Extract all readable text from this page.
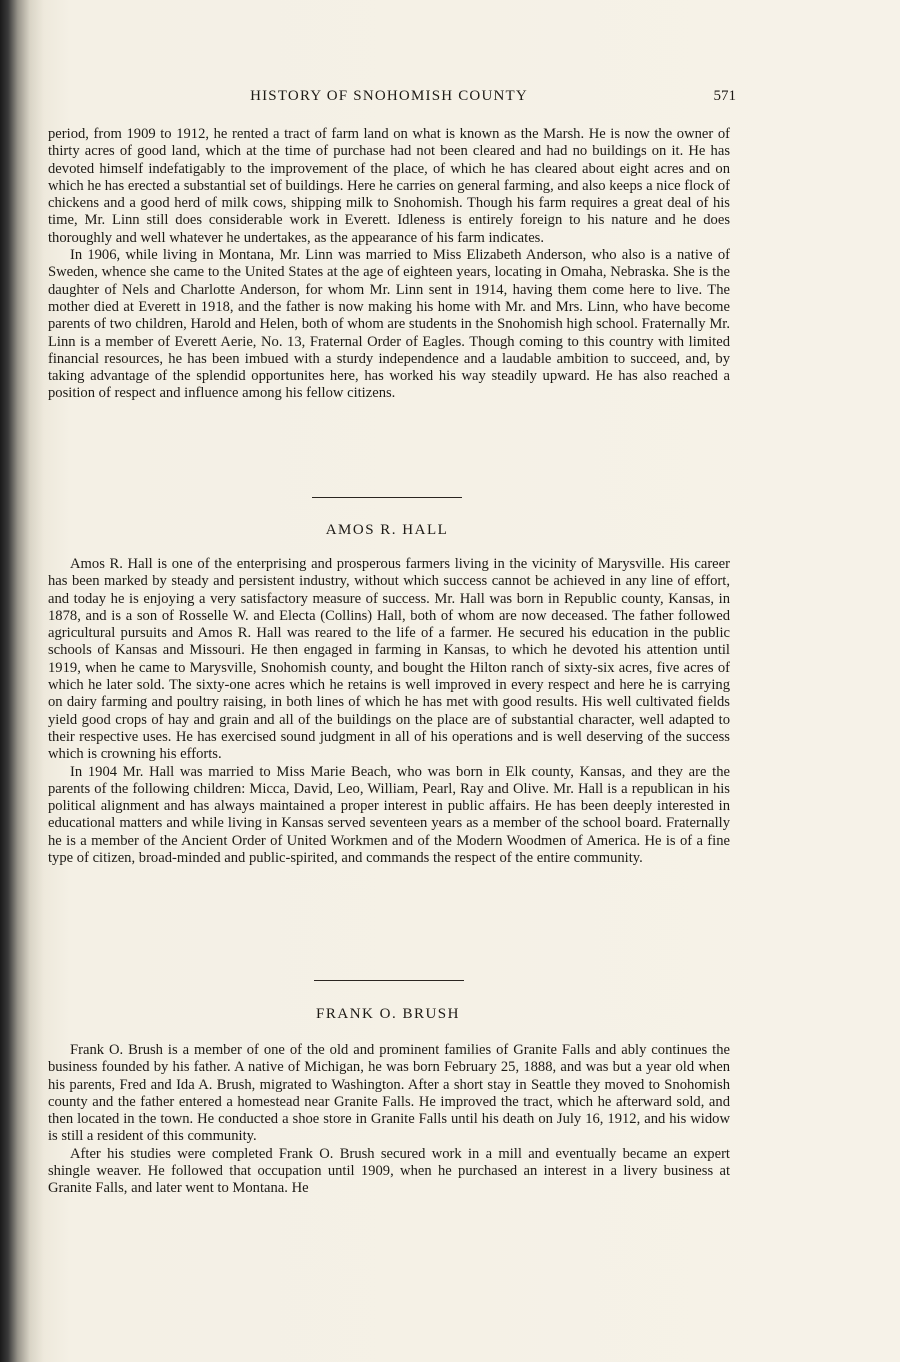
HISTORY OF SNOHOMISH COUNTY	571

period, from 1909 to 1912, he rented a tract of farm land on what is known as the Marsh. He is now the owner of thirty acres of good land, which at the time of purchase had not been cleared and had no buildings on it. He has devoted himself indefatigably to the improvement of the place, of which he has cleared about eight acres and on which he has erected a substantial set of buildings. Here he carries on general farming, and also keeps a nice flock of chickens and a good herd of milk cows, shipping milk to Snohomish. Though his farm requires a great deal of his time, Mr. Linn still does considerable work in Everett. Idleness is entirely foreign to his nature and he does thoroughly and well whatever he undertakes, as the appearance of his farm indicates.

In 1906, while living in Montana, Mr. Linn was married to Miss Elizabeth Anderson, who also is a native of Sweden, whence she came to the United States at the age of eighteen years, locating in Omaha, Nebraska. She is the daughter of Nels and Charlotte Anderson, for whom Mr. Linn sent in 1914, having them come here to live. The mother died at Everett in 1918, and the father is now making his home with Mr. and Mrs. Linn, who have become parents of two children, Harold and Helen, both of whom are students in the Snohomish high school. Fraternally Mr. Linn is a member of Everett Aerie, No. 13, Fraternal Order of Eagles. Though coming to this country with limited financial resources, he has been imbued with a sturdy independence and a laudable ambition to succeed, and, by taking advantage of the splendid opportunites here, has worked his way steadily upward. He has also reached a position of respect and influence among his fellow citizens.

AMOS R. HALL

Amos R. Hall is one of the enterprising and prosperous farmers living in the vicinity of Marysville. His career has been marked by steady and persistent industry, without which success cannot be achieved in any line of effort, and today he is enjoying a very satisfactory measure of success. Mr. Hall was born in Republic county, Kansas, in 1878, and is a son of Rosselle W. and Electa (Collins) Hall, both of whom are now deceased. The father followed agricultural pursuits and Amos R. Hall was reared to the life of a farmer. He secured his education in the public schools of Kansas and Missouri. He then engaged in farming in Kansas, to which he devoted his attention until 1919, when he came to Marysville, Snohomish county, and bought the Hilton ranch of sixty-six acres, five acres of which he later sold. The sixty-one acres which he retains is well improved in every respect and here he is carrying on dairy farming and poultry raising, in both lines of which he has met with good results. His well cultivated fields yield good crops of hay and grain and all of the buildings on the place are of substantial character, well adapted to their respective uses. He has exercised sound judgment in all of his operations and is well deserving of the success which is crowning his efforts.

In 1904 Mr. Hall was married to Miss Marie Beach, who was born in Elk county, Kansas, and they are the parents of the following children: Micca, David, Leo, William, Pearl, Ray and Olive. Mr. Hall is a republican in his political alignment and has always maintained a proper interest in public affairs. He has been deeply interested in educational matters and while living in Kansas served seventeen years as a member of the school board. Fraternally he is a member of the Ancient Order of United Workmen and of the Modern Woodmen of America. He is of a fine type of citizen, broad-minded and public-spirited, and commands the respect of the entire community.

FRANK O. BRUSH

Frank O. Brush is a member of one of the old and prominent families of Granite Falls and ably continues the business founded by his father. A native of Michigan, he was born February 25, 1888, and was but a year old when his parents, Fred and Ida A. Brush, migrated to Washington. After a short stay in Seattle they moved to Snohomish county and the father entered a homestead near Granite Falls. He improved the tract, which he afterward sold, and then located in the town. He conducted a shoe store in Granite Falls until his death on July 16, 1912, and his widow is still a resident of this community.

After his studies were completed Frank O. Brush secured work in a mill and eventually became an expert shingle weaver. He followed that occupation until 1909, when he purchased an interest in a livery business at Granite Falls, and later went to Montana. He
